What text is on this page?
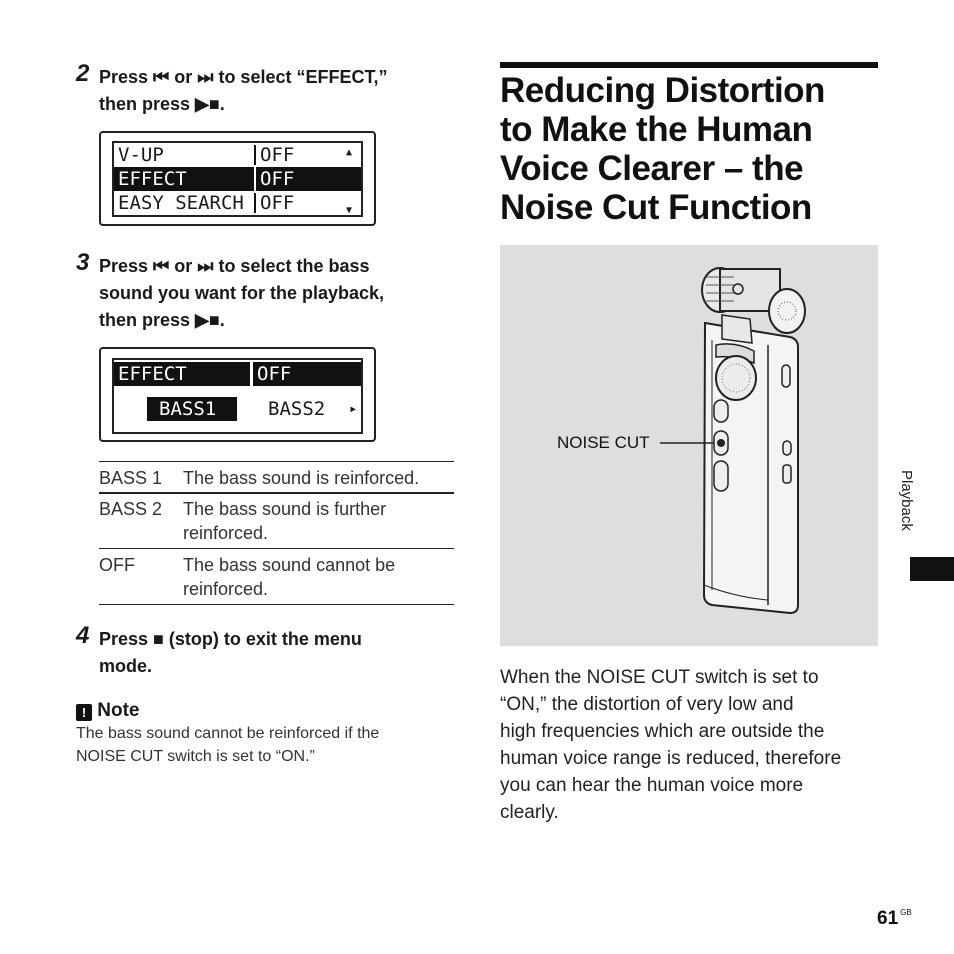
2 Press ⏮ or ⏭ to select “EFFECT,”
then press ▶■.
V-UP	OFF	▲
EFFECT	OFF
EASY SEARCH OFF	▼
3 Press ⏮ or ⏭ to select the bass
sound you want for the playback,
then press ▶■.
EFFECT	OFF
BASS1	BASS2	▸
BASS 1 The bass sound is reinforced.
BASS 2 The bass sound is further
reinforced.
OFF	The bass sound cannot be
reinforced.
4 Press ■ (stop) to exit the menu
mode.
! Note
The bass sound cannot be reinforced if the
NOISE CUT switch is set to “ON.”
Reducing Distortion
to Make the Human
Voice Clearer – the
Noise Cut Function
NOISE CUT
When the NOISE CUT switch is set to
“ON,” the distortion of very low and
high frequencies which are outside the
human voice range is reduced, therefore
you can hear the human voice more
clearly.
Playback
61 $^{GB}$
